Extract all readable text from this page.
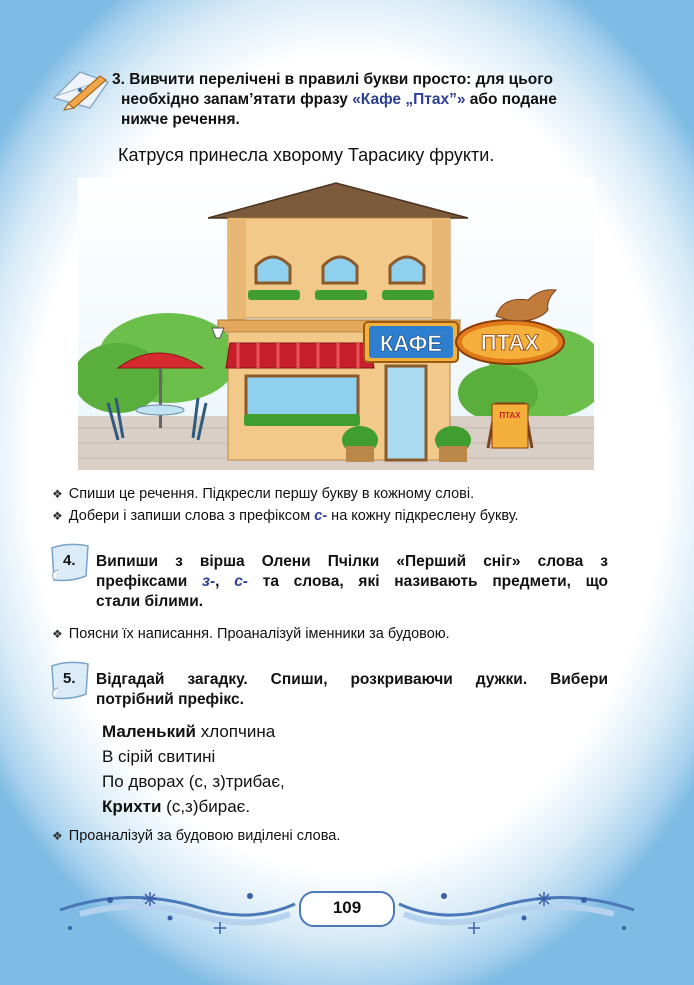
3. Вивчити перелічені в правилі букви просто: для цього
необхідно запам’ятати фразу «Кафе „Птах”» або подане
нижче речення.
Катруся принесла хворому Тарасику фрукти.
КАФЕ ПТАХ
ПТАХ
❖ Спиши це речення. Підкресли першу букву в кожному слові.
❖ Добери і запиши слова з префіксом с- на кожну підкреслену букву.
4. Випиши з вірша Олени Пчілки «Перший сніг» слова з
префіксами з-, с- та слова, які називають предмети, що
стали білими.
❖ Поясни їх написання. Проаналізуй іменники за будовою.
5. Відгадай загадку. Спиши, розкриваючи дужки. Вибери
потрібний префікс.
Маленький хлопчина
В сірій свитині
По дворах (с, з)трибає,
Крихти (с,з)бирає.
❖ Проаналізуй за будовою виділені слова.
109
